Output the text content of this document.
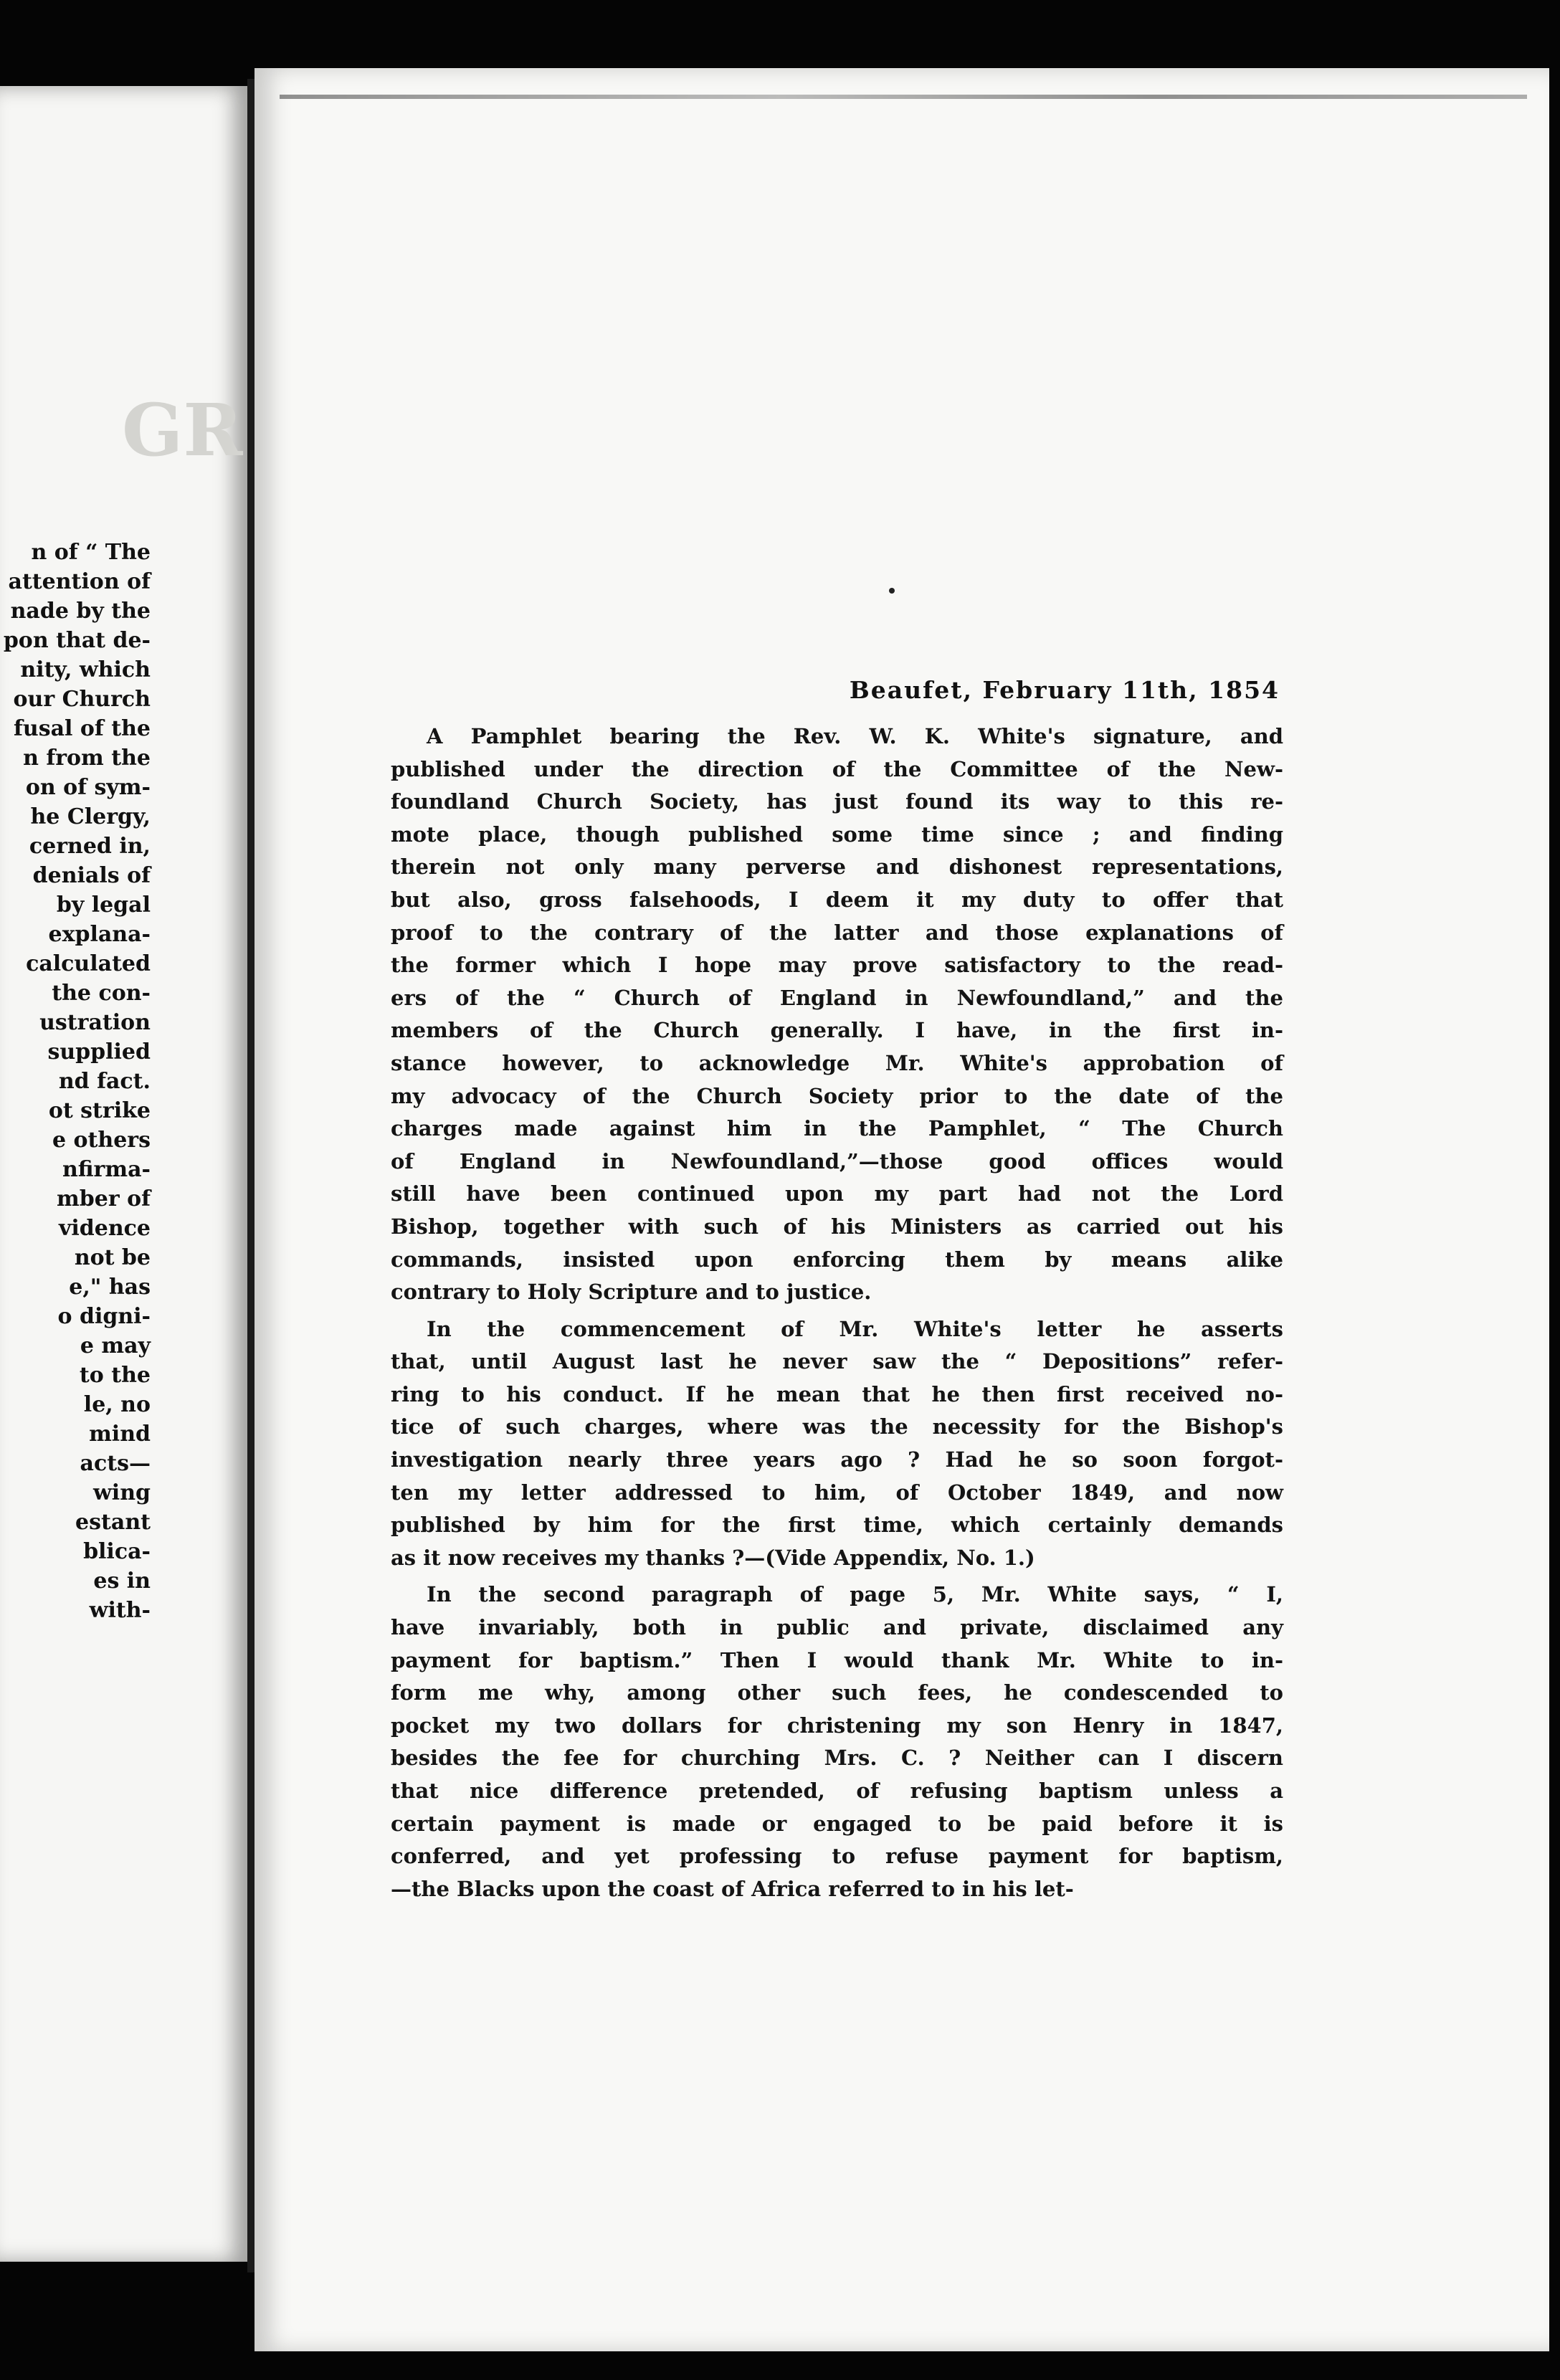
GR
n of “ The
attention of
nade by the
pon that de-
nity, which
our Church
fusal of the
n from the
on of sym-
he Clergy,
cerned in,
denials of
by legal
explana-
calculated
the con-
ustration
supplied
nd fact.
ot strike
e others
nfirma-
mber of
vidence
not be
e," has
o digni-
e may
to the
le, no
mind
acts—
wing
estant
blica-
es in
with-
Beaufet, February 11th, 1854
A Pamphlet bearing the Rev. W. K. White's signature, and
published under the direction of the Committee of the New-
foundland Church Society, has just found its way to this re-
mote place, though published some time since ; and finding
therein not only many perverse and dishonest representations,
but also, gross falsehoods, I deem it my duty to offer that
proof to the contrary of the latter and those explanations of
the former which I hope may prove satisfactory to the read-
ers of the “ Church of England in Newfoundland,” and the
members of the Church generally. I have, in the first in-
stance however, to acknowledge Mr. White's approbation of
my advocacy of the Church Society prior to the date of the
charges made against him in the Pamphlet, “ The Church
of England in Newfoundland,”—those good offices would
still have been continued upon my part had not the Lord
Bishop, together with such of his Ministers as carried out his
commands, insisted upon enforcing them by means alike
contrary to Holy Scripture and to justice.
In the commencement of Mr. White's letter he asserts
that, until August last he never saw the “ Depositions” refer-
ring to his conduct. If he mean that he then first received no-
tice of such charges, where was the necessity for the Bishop's
investigation nearly three years ago ? Had he so soon forgot-
ten my letter addressed to him, of October 1849, and now
published by him for the first time, which certainly demands
as it now receives my thanks ?—(Vide Appendix, No. 1.)
In the second paragraph of page 5, Mr. White says, “ I,
have invariably, both in public and private, disclaimed any
payment for baptism.” Then I would thank Mr. White to in-
form me why, among other such fees, he condescended to
pocket my two dollars for christening my son Henry in 1847,
besides the fee for churching Mrs. C. ? Neither can I discern
that nice difference pretended, of refusing baptism unless a
certain payment is made or engaged to be paid before it is
conferred, and yet professing to refuse payment for baptism,
—the Blacks upon the coast of Africa referred to in his let-
